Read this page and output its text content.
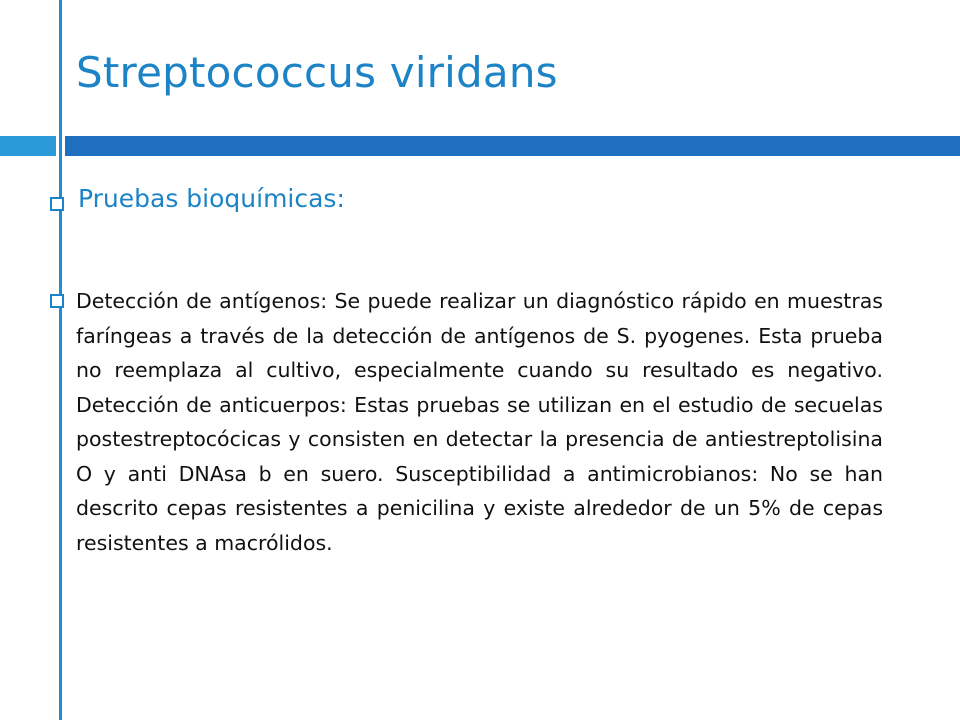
Streptococcus viridans
Pruebas bioquímicas:

Detección de antígenos: Se puede realizar un diagnóstico rápido en muestras faríngeas a través de la detección de antígenos de S. pyogenes. Esta prueba no reemplaza al cultivo, especialmente cuando su resultado es negativo. Detección de anticuerpos: Estas pruebas se utilizan en el estudio de secuelas postestreptocócicas y consisten en detectar la presencia de antiestreptolisina O y anti DNAsa b en suero. Susceptibilidad a antimicrobianos: No se han descrito cepas resistentes a penicilina y existe alrededor de un 5% de cepas resistentes a macrólidos.
